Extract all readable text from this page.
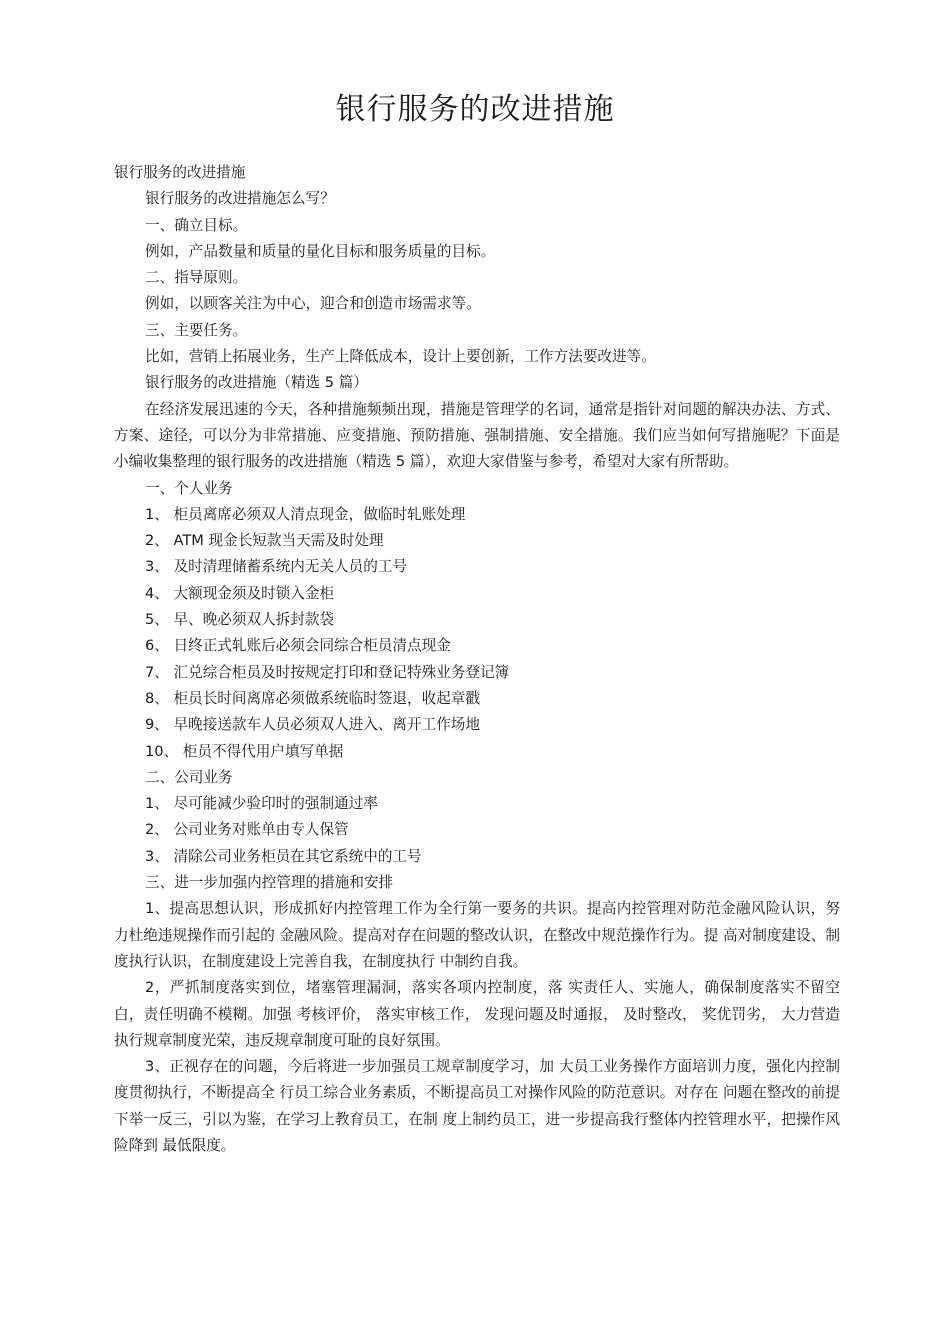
银行服务的改进措施

银行服务的改进措施

银行服务的改进措施怎么写？

一、确立目标。

例如，产品数量和质量的量化目标和服务质量的目标。

二、指导原则。

例如，以顾客关注为中心，迎合和创造市场需求等。

三、主要任务。

比如，营销上拓展业务，生产上降低成本，设计上要创新，工作方法要改进等。

银行服务的改进措施（精选 5 篇）

在经济发展迅速的今天，各种措施频频出现，措施是管理学的名词，通常是指针对问题的解决办法、方式、方案、途径，可以分为非常措施、应变措施、预防措施、强制措施、安全措施。我们应当如何写措施呢？下面是小编收集整理的银行服务的改进措施（精选 5 篇），欢迎大家借鉴与参考，希望对大家有所帮助。

一、个人业务

1、 柜员离席必须双人清点现金，做临时轧账处理

2、 ATM 现金长短款当天需及时处理

3、 及时清理储蓄系统内无关人员的工号

4、 大额现金须及时锁入金柜

5、 早、晚必须双人拆封款袋

6、 日终正式轧账后必须会同综合柜员清点现金

7、 汇兑综合柜员及时按规定打印和登记特殊业务登记簿

8、 柜员长时间离席必须做系统临时签退，收起章戳

9、 早晚接送款车人员必须双人进入、离开工作场地

10、 柜员不得代用户填写单据

二、公司业务

1、 尽可能减少验印时的强制通过率

2、 公司业务对账单由专人保管

3、 清除公司业务柜员在其它系统中的工号

三、进一步加强内控管理的措施和安排

1、提高思想认识，形成抓好内控管理工作为全行第一要务的共识。提高内控管理对防范金融风险认识，努力杜绝违规操作而引起的 金融风险。提高对存在问题的整改认识，在整改中规范操作行为。提 高对制度建设、制度执行认识，在制度建设上完善自我，在制度执行 中制约自我。

2，严抓制度落实到位，堵塞管理漏洞，落实各项内控制度，落 实责任人、实施人，确保制度落实不留空白，责任明确不模糊。加强 考核评价， 落实审核工作， 发现问题及时通报， 及时整改， 奖优罚劣， 大力营造执行规章制度光荣，违反规章制度可耻的良好氛围。

3、正视存在的问题，今后将进一步加强员工规章制度学习，加 大员工业务操作方面培训力度，强化内控制度贯彻执行，不断提高全 行员工综合业务素质，不断提高员工对操作风险的防范意识。对存在 问题在整改的前提下举一反三，引以为鉴，在学习上教育员工，在制 度上制约员工，进一步提高我行整体内控管理水平，把操作风险降到 最低限度。
